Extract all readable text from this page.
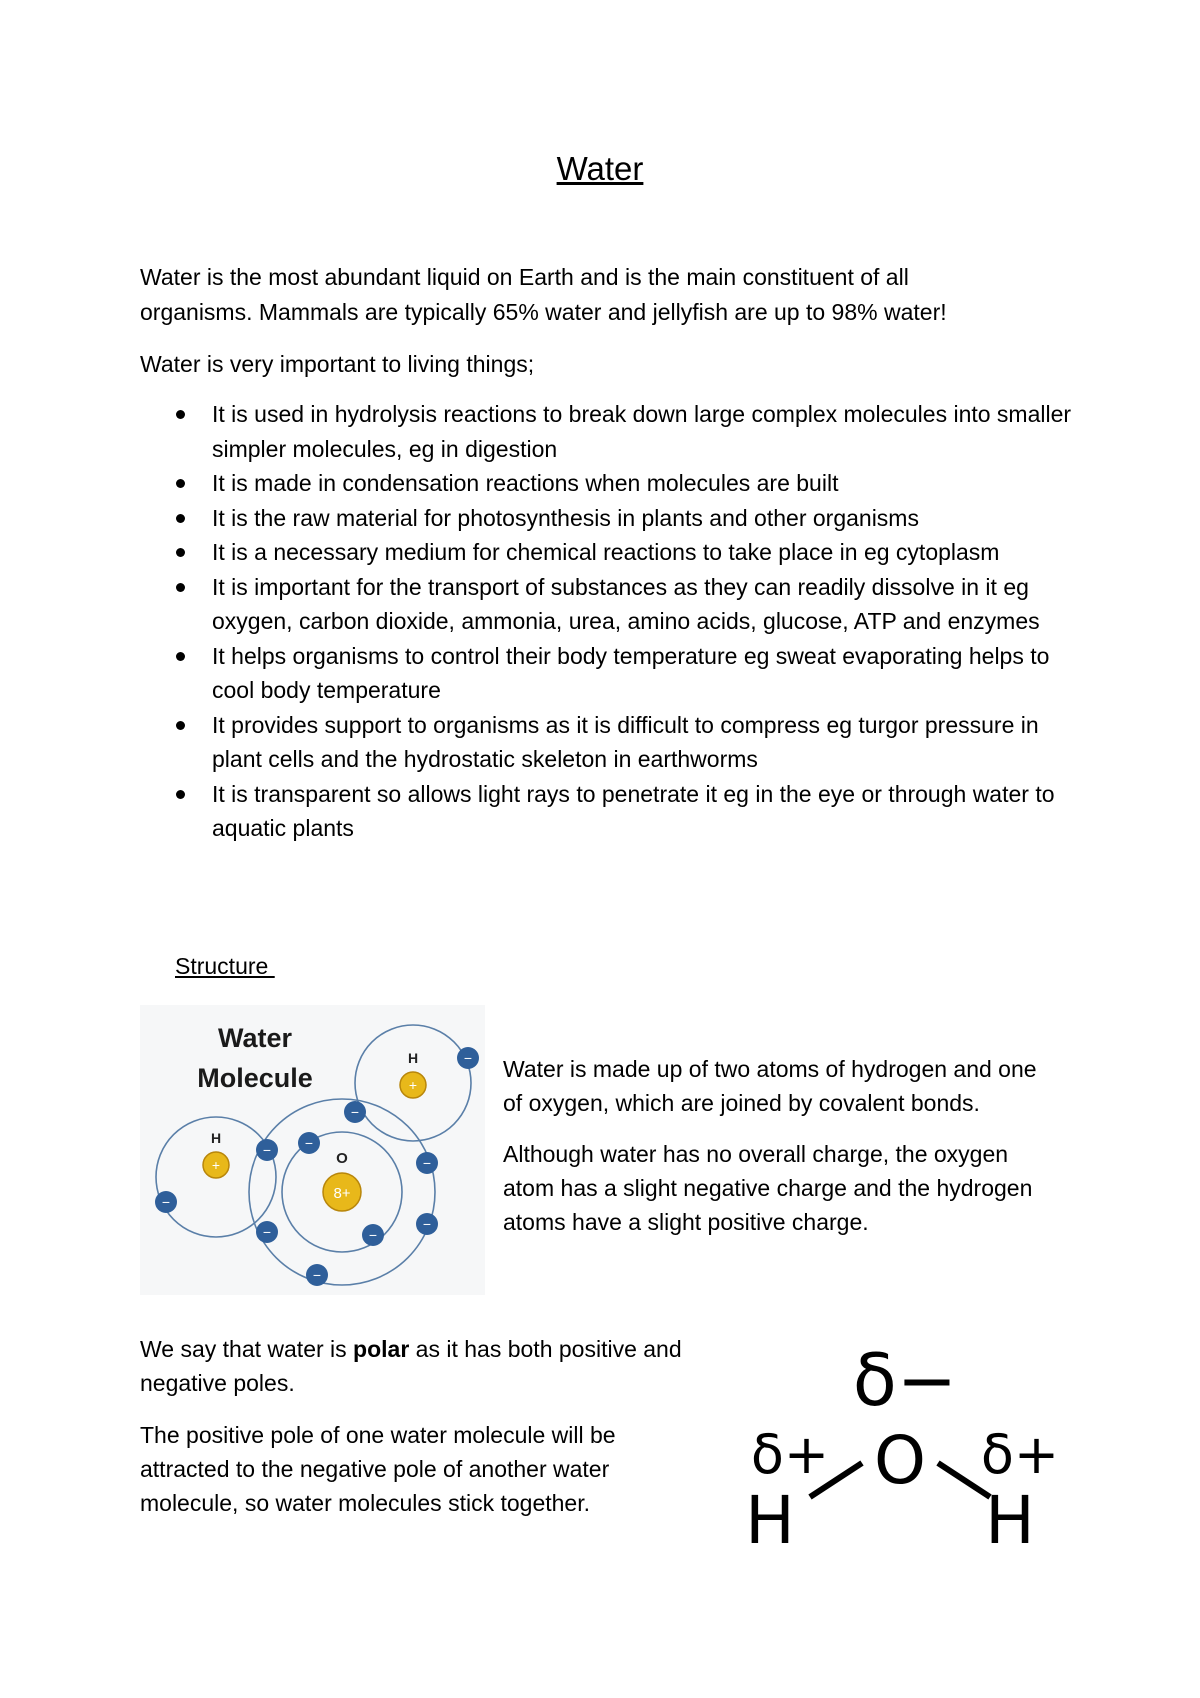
Water
Water is the most abundant liquid on Earth and is the main constituent of all
organisms. Mammals are typically 65% water and jellyfish are up to 98% water!
Water is very important to living things;
It is used in hydrolysis reactions to break down large complex molecules into smaller simpler molecules, eg in digestion
It is made in condensation reactions when molecules are built
It is the raw material for photosynthesis in plants and other organisms
It is a necessary medium for chemical reactions to take place in eg cytoplasm
It is important for the transport of substances as they can readily dissolve in it eg oxygen, carbon dioxide, ammonia, urea, amino acids, glucose, ATP and enzymes
It helps organisms to control their body temperature eg sweat evaporating helps to cool body temperature
It provides support to organisms as it is difficult to compress eg turgor pressure in plant cells and the hydrostatic skeleton in earthworms
It is transparent so allows light rays to penetrate it eg in the eye or through water to aquatic plants
Structure
Water
Molecule	+
H
+
H
8+
O
−
−
− −
−
−
−	−
−
−
Water is made up of two atoms of hydrogen and one
of oxygen, which are joined by covalent bonds.
Although water has no overall charge, the oxygen
atom has a slight negative charge and the hydrogen
atoms have a slight positive charge.
We say that water is polar as it has both positive and
negative poles.
The positive pole of one water molecule will be
attracted to the negative pole of another water
molecule, so water molecules stick together.
δ−
δ+	δ+
O
H	H
